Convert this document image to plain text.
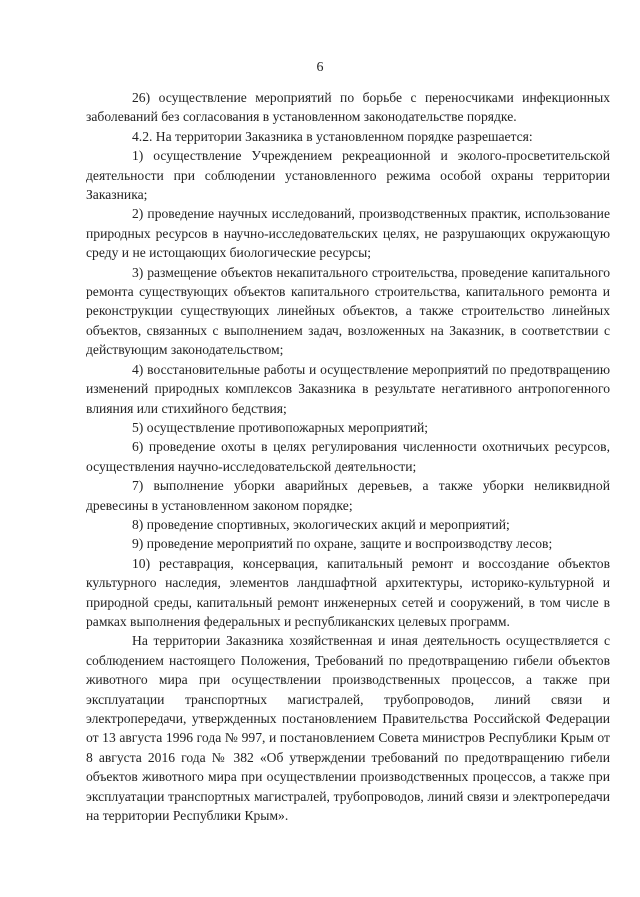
6

26) осуществление мероприятий по борьбе с переносчиками инфекционных заболеваний без согласования в установленном законодательстве порядке.

4.2. На территории Заказника в установленном порядке разрешается:

1) осуществление Учреждением рекреационной и эколого-просветительской деятельности при соблюдении установленного режима особой охраны территории Заказника;

2) проведение научных исследований, производственных практик, использование природных ресурсов в научно-исследовательских целях, не разрушающих окружающую среду и не истощающих биологические ресурсы;

3) размещение объектов некапитального строительства, проведение капитального ремонта существующих объектов капитального строительства, капитального ремонта и реконструкции существующих линейных объектов, а также строительство линейных объектов, связанных с выполнением задач, возложенных на Заказник, в соответствии с действующим законодательством;

4) восстановительные работы и осуществление мероприятий по предотвращению изменений природных комплексов Заказника в результате негативного антропогенного влияния или стихийного бедствия;

5) осуществление противопожарных мероприятий;

6) проведение охоты в целях регулирования численности охотничьих ресурсов, осуществления научно-исследовательской деятельности;

7) выполнение уборки аварийных деревьев, а также уборки неликвидной древесины в установленном законом порядке;

8) проведение спортивных, экологических акций и мероприятий;

9) проведение мероприятий по охране, защите и воспроизводству лесов;

10) реставрация, консервация, капитальный ремонт и воссоздание объектов культурного наследия, элементов ландшафтной архитектуры, историко-культурной и природной среды, капитальный ремонт инженерных сетей и сооружений, в том числе в рамках выполнения федеральных и республиканских целевых программ.

На территории Заказника хозяйственная и иная деятельность осуществляется с соблюдением настоящего Положения, Требований по предотвращению гибели объектов животного мира при осуществлении производственных процессов, а также при эксплуатации транспортных магистралей, трубопроводов, линий связи и электропередачи, утвержденных постановлением Правительства Российской Федерации от 13 августа 1996 года № 997, и постановлением Совета министров Республики Крым от 8 августа 2016 года № 382 «Об утверждении требований по предотвращению гибели объектов животного мира при осуществлении производственных процессов, а также при эксплуатации транспортных магистралей, трубопроводов, линий связи и электропередачи на территории Республики Крым».
